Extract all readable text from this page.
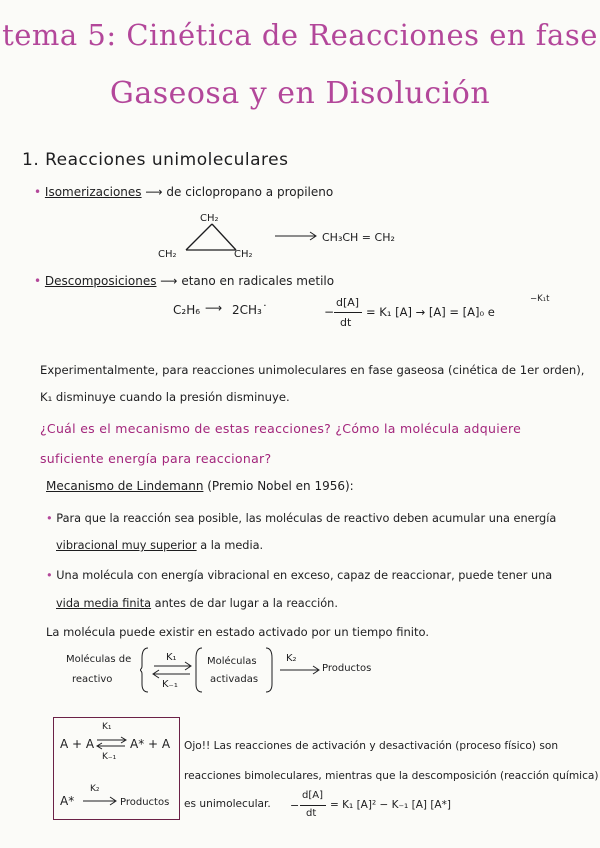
tema 5: Cinética de Reacciones en fase
Gaseosa y en Disolución
1. Reacciones unimoleculares
• Isomerizaciones ⟶ de ciclopropano a propileno
CH₂
CH₂	CH₂
CH₃CH = CH₂
• Descomposiciones ⟶ etano en radicales metilo
C₂H₆ ⟶ 2CH₃˙	−
d[A]
dt
= K₁ [A] → [A] = [A]₀ e
−K₁t
Experimentalmente, para reacciones unimoleculares en fase gaseosa (cinética de 1er orden),
K₁ disminuye cuando la presión disminuye.
¿Cuál es el mecanismo de estas reacciones? ¿Cómo la molécula adquiere
suficiente energía para reaccionar?
Mecanismo de Lindemann (Premio Nobel en 1956):
• Para que la reacción sea posible, las moléculas de reactivo deben acumular una energía
vibracional muy superior a la media.
• Una molécula con energía vibracional en exceso, capaz de reaccionar, puede tener una
vida media finita antes de dar lugar a la reacción.
La molécula puede existir en estado activado por un tiempo finito.
Moléculas de
reactivo
K₁
K₋₁
Moléculas
activadas
K₂
Productos
A + A ⇌
K₁
K₋₁
A* + A
A*
K₂
Productos
Ojo!! Las reacciones de activación y desactivación (proceso físico) son
reacciones bimoleculares, mientras que la descomposición (reacción química)
es unimolecular. −
d[A]
dt
= K₁ [A]² − K₋₁ [A] [A*]
